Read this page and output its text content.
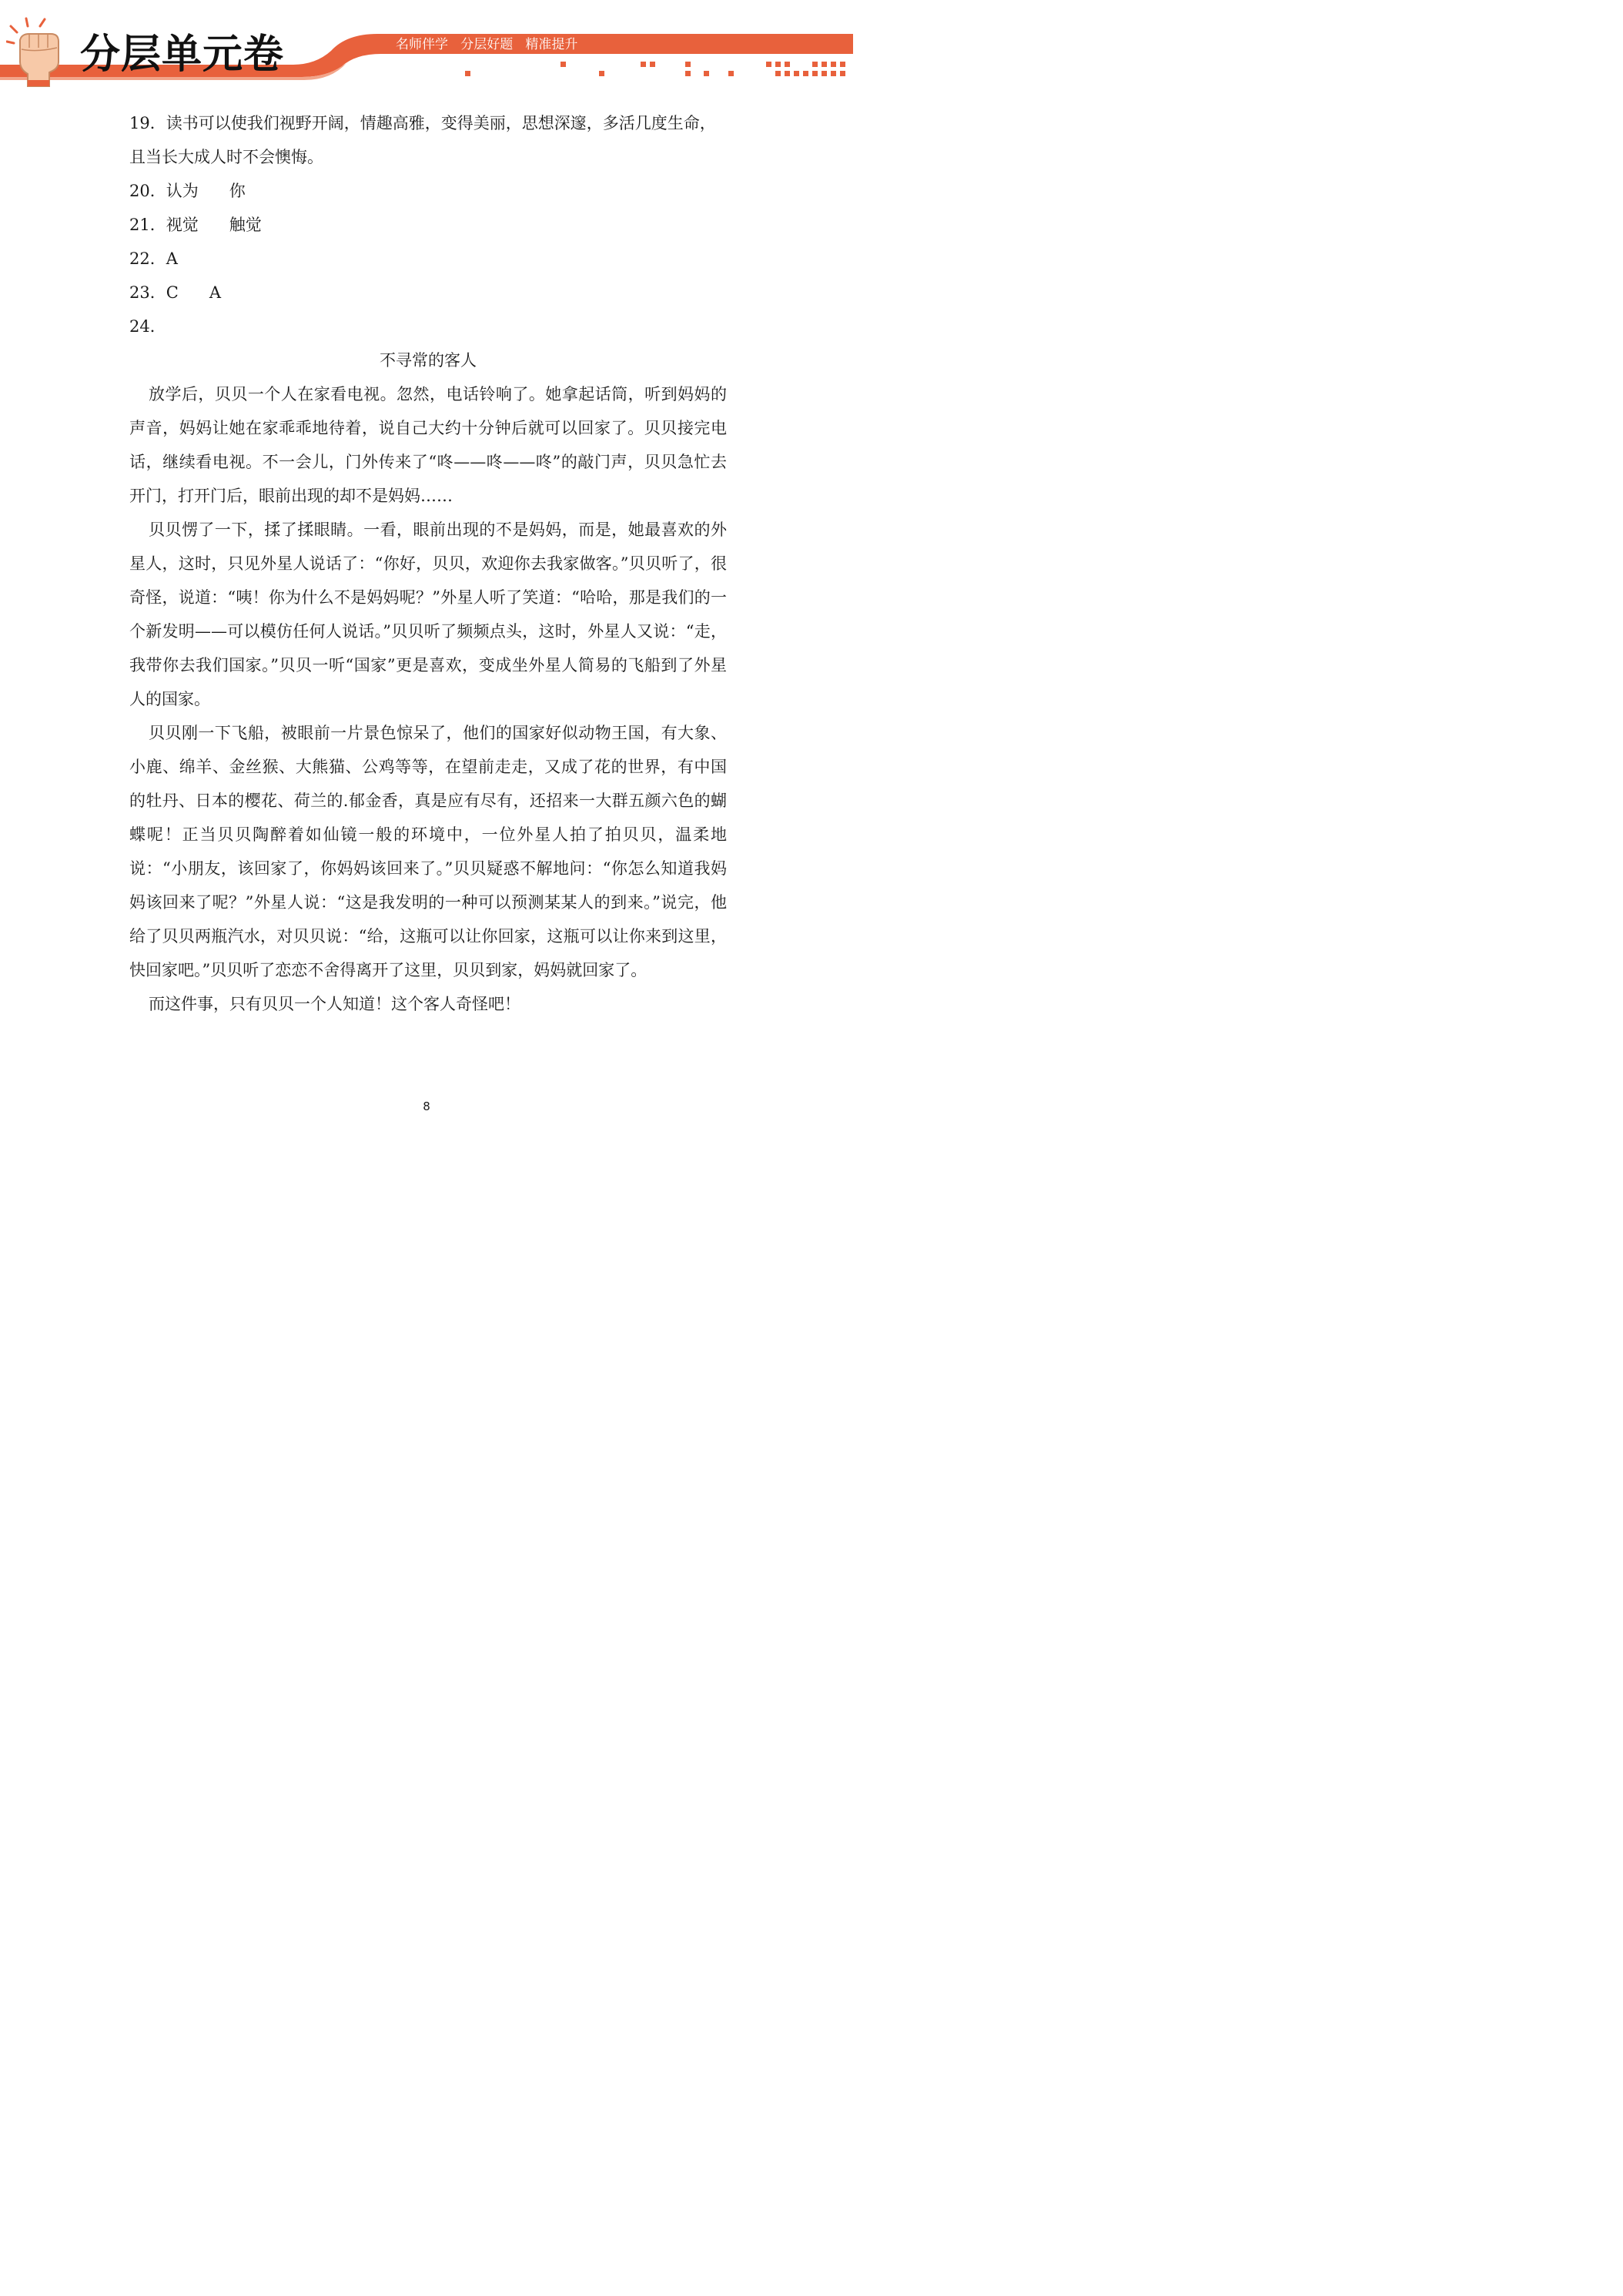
分层单元卷	名师伴学   分层好题   精准提升

19．读书可以使我们视野开阔，情趣高雅，变得美丽，思想深邃，多活几度生命，

且当长大成人时不会懊悔。

20．认为      你

21．视觉      触觉

22．A

23．C      A

24．

不寻常的客人

放学后，贝贝一个人在家看电视。忽然，电话铃响了。她拿起话筒，听到妈妈的声音，妈妈让她在家乖乖地待着，说自己大约十分钟后就可以回家了。贝贝接完电话，继续看电视。不一会儿，门外传来了“咚——咚——咚”的敲门声，贝贝急忙去开门，打开门后，眼前出现的却不是妈妈……

贝贝愣了一下，揉了揉眼睛。一看，眼前出现的不是妈妈，而是，她最喜欢的外星人，这时，只见外星人说话了：“你好，贝贝，欢迎你去我家做客。”贝贝听了，很奇怪，说道：“咦！你为什么不是妈妈呢？”外星人听了笑道：“哈哈，那是我们的一个新发明——可以模仿任何人说话。”贝贝听了频频点头，这时，外星人又说：“走，我带你去我们国家。”贝贝一听“国家”更是喜欢，变成坐外星人简易的飞船到了外星人的国家。

贝贝刚一下飞船，被眼前一片景色惊呆了，他们的国家好似动物王国，有大象、小鹿、绵羊、金丝猴、大熊猫、公鸡等等，在望前走走，又成了花的世界，有中国的牡丹、日本的樱花、荷兰的.郁金香，真是应有尽有，还招来一大群五颜六色的蝴蝶呢！正当贝贝陶醉着如仙镜一般的环境中，一位外星人拍了拍贝贝，温柔地说：“小朋友，该回家了，你妈妈该回来了。”贝贝疑惑不解地问：“你怎么知道我妈妈该回来了呢？”外星人说：“这是我发明的一种可以预测某某人的到来。”说完，他给了贝贝两瓶汽水，对贝贝说：“给，这瓶可以让你回家，这瓶可以让你来到这里，快回家吧。”贝贝听了恋恋不舍得离开了这里，贝贝到家，妈妈就回家了。

而这件事，只有贝贝一个人知道！这个客人奇怪吧！

8
